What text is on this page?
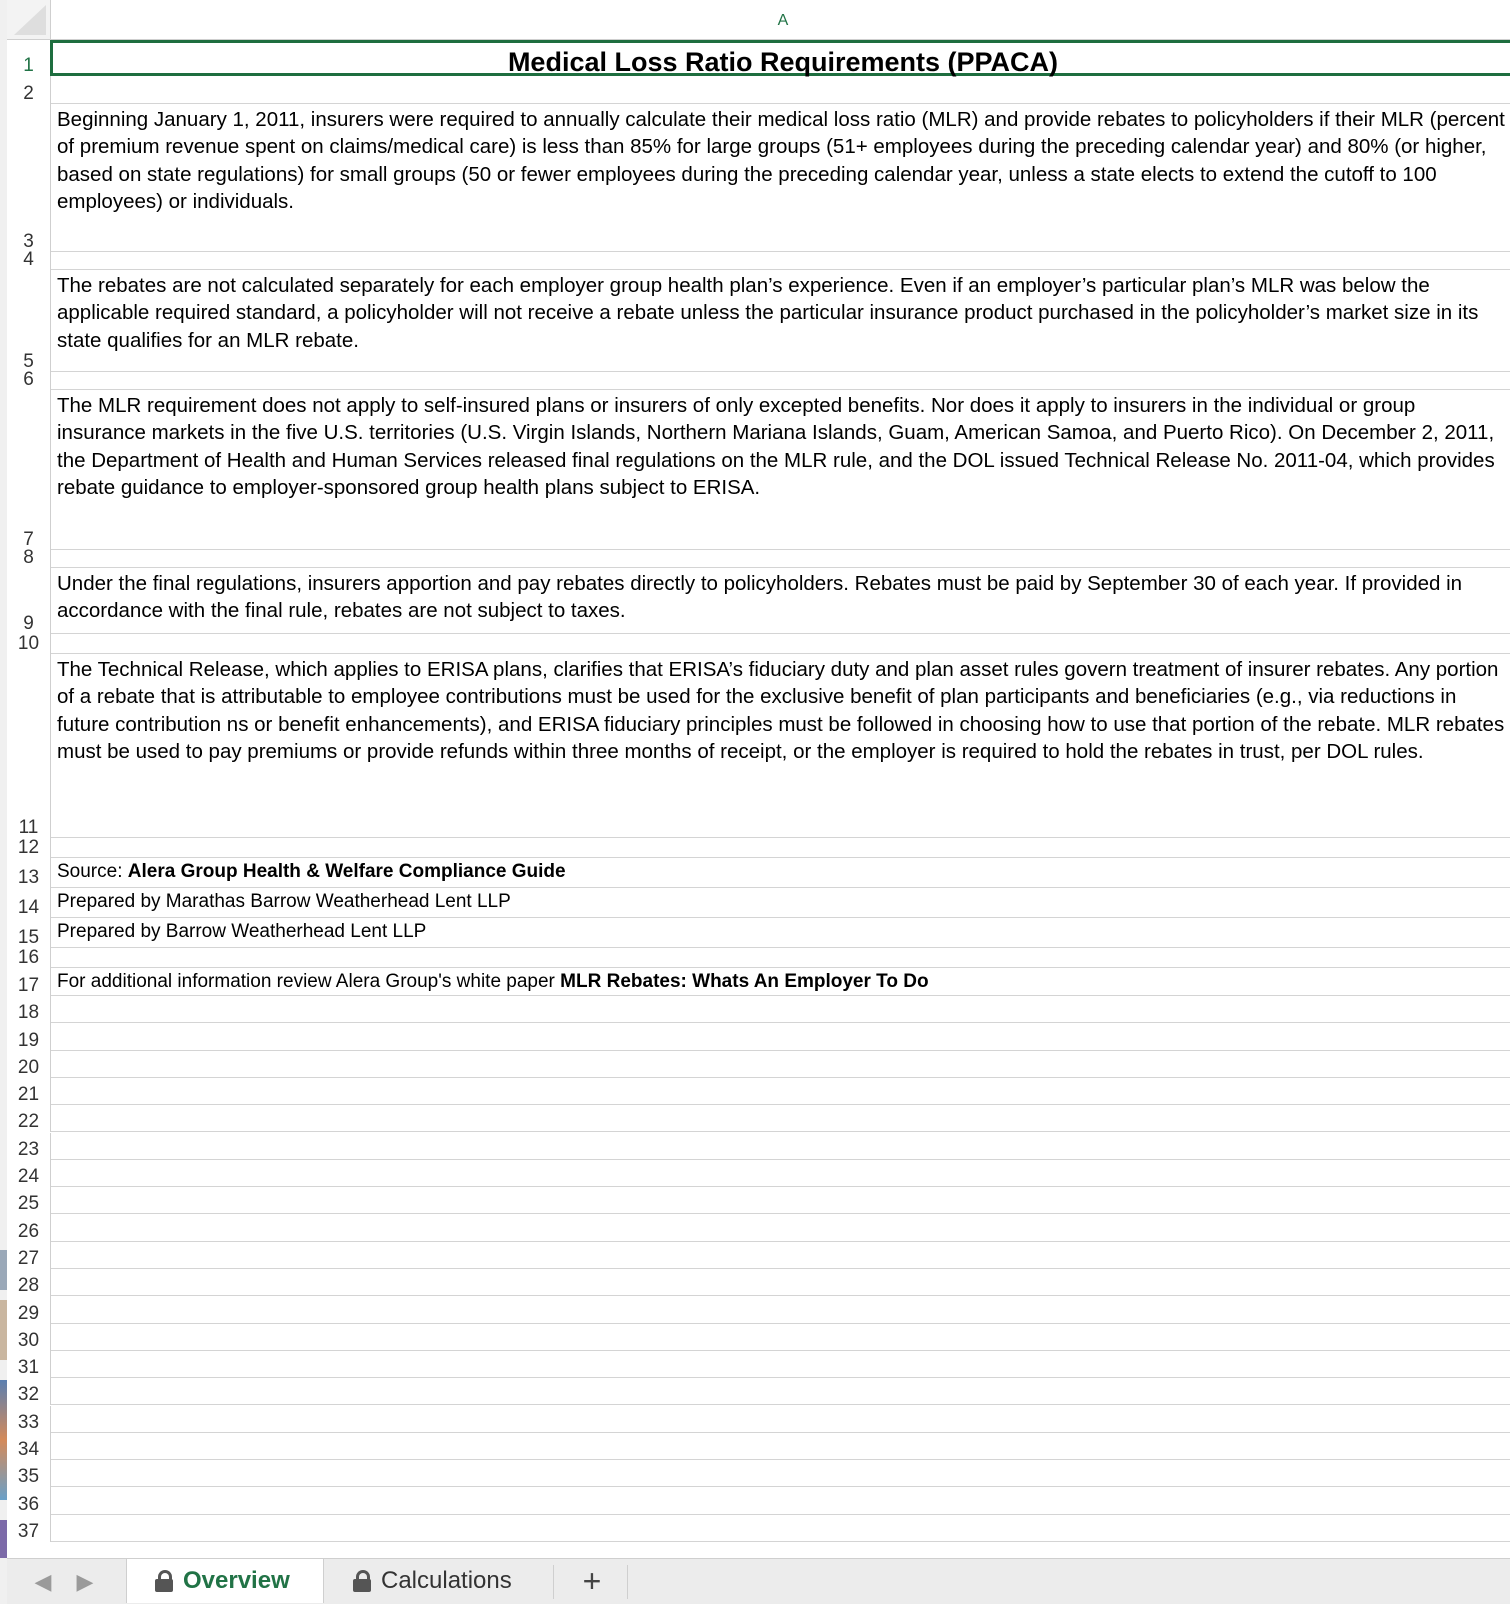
A
1
2
3
4
5
6
7
8
9
10
11
12
13
14
15
16
17
18
19
20
21
22
23
24
25
26
27
28
29
30
31
32
33
34
35
36
37
Medical Loss Ratio Requirements (PPACA)
Beginning January 1, 2011, insurers were required to annually calculate their medical loss ratio (MLR) and provide rebates to policyholders if their MLR (percent of premium revenue spent on claims/medical care) is less than 85% for large groups (51+ employees during the preceding calendar year) and 80% (or higher, based on state regulations) for small groups (50 or fewer employees during the preceding calendar year, unless a state elects to extend the cutoff to 100 employees) or individuals.
The rebates are not calculated separately for each employer group health plan’s experience. Even if an employer’s particular plan’s MLR was below the applicable required standard, a policyholder will not receive a rebate unless the particular insurance product purchased in the policyholder’s market size in its state qualifies for an MLR rebate.
The MLR requirement does not apply to self-insured plans or insurers of only excepted benefits. Nor does it apply to insurers in the individual or group insurance markets in the five U.S. territories (U.S. Virgin Islands, Northern Mariana Islands, Guam, American Samoa, and Puerto Rico). On December 2, 2011, the Department of Health and Human Services released final regulations on the MLR rule, and the DOL issued Technical Release No. 2011-04, which provides rebate guidance to employer-sponsored group health plans subject to ERISA.
Under the final regulations, insurers apportion and pay rebates directly to policyholders. Rebates must be paid by September 30 of each year. If provided in accordance with the final rule, rebates are not subject to taxes.
The Technical Release, which applies to ERISA plans, clarifies that ERISA’s fiduciary duty and plan asset rules govern treatment of insurer rebates. Any portion of a rebate that is attributable to employee contributions must be used for the exclusive benefit of plan participants and beneficiaries (e.g., via reductions in future contribution ns or benefit enhancements), and ERISA fiduciary principles must be followed in choosing how to use that portion of the rebate. MLR rebates must be used to pay premiums or provide refunds within three months of receipt, or the employer is required to hold the rebates in trust, per DOL rules.
Source: Alera Group Health & Welfare Compliance Guide
Prepared by Marathas Barrow Weatherhead Lent LLP
Prepared by Barrow Weatherhead Lent LLP
For additional information review Alera Group's white paper MLR Rebates: Whats An Employer To Do
◀ ▶	Overview	Calculations	+
